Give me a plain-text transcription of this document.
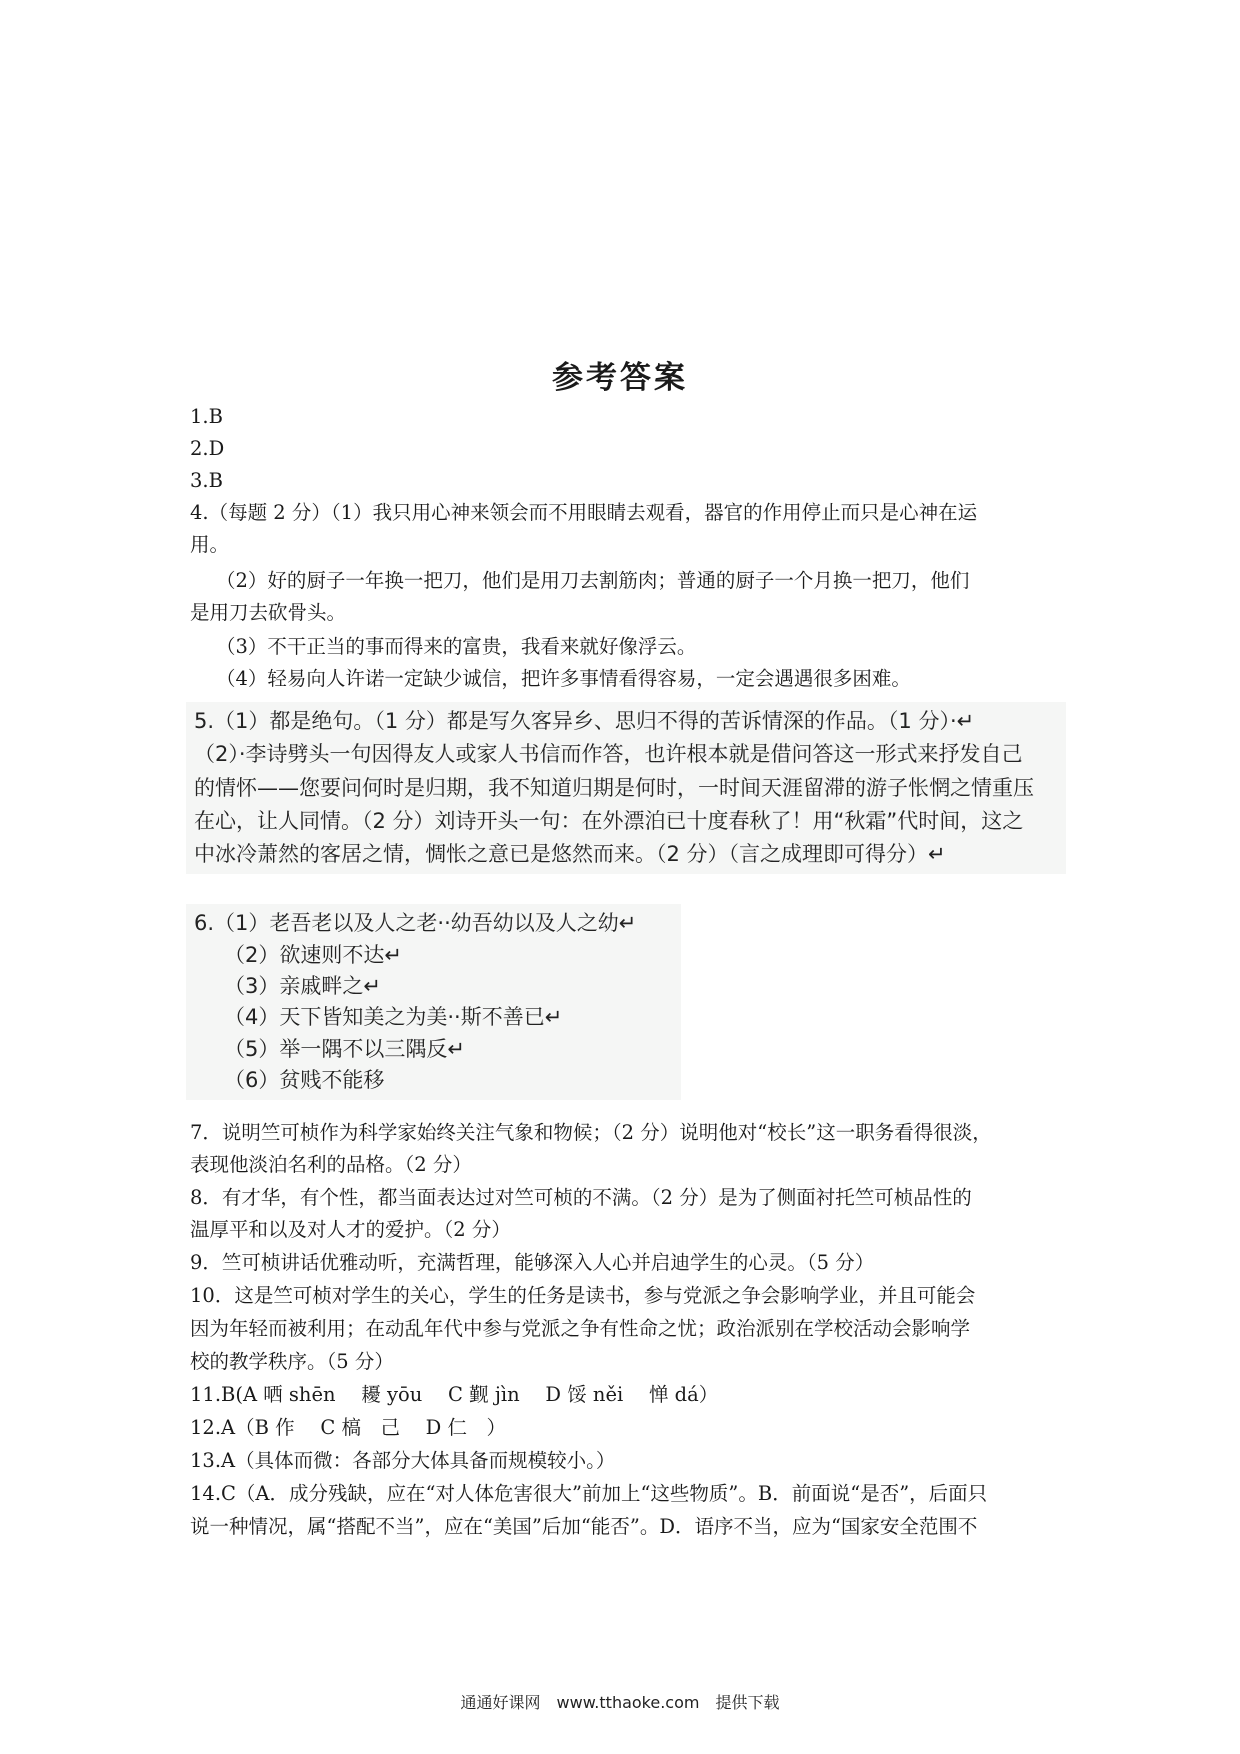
参考答案
1.B
2.D
3.B
4.（每题 2 分）（1）我只用心神来领会而不用眼睛去观看，器官的作用停止而只是心神在运
用。
（2）好的厨子一年换一把刀，他们是用刀去割筋肉；普通的厨子一个月换一把刀，他们
是用刀去砍骨头。
（3）不干正当的事而得来的富贵，我看来就好像浮云。
（4）轻易向人许诺一定缺少诚信，把许多事情看得容易，一定会遇遇很多困难。
5.（1）都是绝句。（1 分）都是写久客异乡、思归不得的苦诉情深的作品。（1 分）·↵
（2）·李诗劈头一句因得友人或家人书信而作答，也许根本就是借问答这一形式来抒发自己
的情怀——您要问何时是归期，我不知道归期是何时，一时间天涯留滞的游子怅惘之情重压
在心，让人同情。（2 分）刘诗开头一句：在外漂泊已十度春秋了！用“秋霜”代时间，这之
中冰冷萧然的客居之情，惆怅之意已是悠然而来。（2 分）（言之成理即可得分）↵
6.（1）老吾老以及人之老··幼吾幼以及人之幼↵
（2）欲速则不达↵
（3）亲戚畔之↵
（4）天下皆知美之为美··斯不善已↵
（5）举一隅不以三隅反↵
（6）贫贱不能移
7．说明竺可桢作为科学家始终关注气象和物候；（2 分）说明他对“校长”这一职务看得很淡，
表现他淡泊名利的品格。（2 分）
8．有才华，有个性，都当面表达过对竺可桢的不满。（2 分）是为了侧面衬托竺可桢品性的
温厚平和以及对人才的爱护。（2 分）
9．竺可桢讲话优雅动听，充满哲理，能够深入人心并启迪学生的心灵。（5 分）
10．这是竺可桢对学生的关心，学生的任务是读书，参与党派之争会影响学业，并且可能会
因为年轻而被利用；在动乱年代中参与党派之争有性命之忧；政治派别在学校活动会影响学
校的教学秩序。（5 分）
11.B(A 哂 shēn　 耰 yōu　 C 觐 jìn　 D 馁 něi　 惮 dá）
12.A（B 作　 C 槁　己　 D 仁　）
13.A（具体而微：各部分大体具备而规模较小。）
14.C（A．成分残缺，应在“对人体危害很大”前加上“这些物质”。B．前面说“是否”，后面只
说一种情况，属“搭配不当”，应在“美国”后加“能否”。D．语序不当，应为“国家安全范围不
通通好课网　www.tthaoke.com　提供下载
